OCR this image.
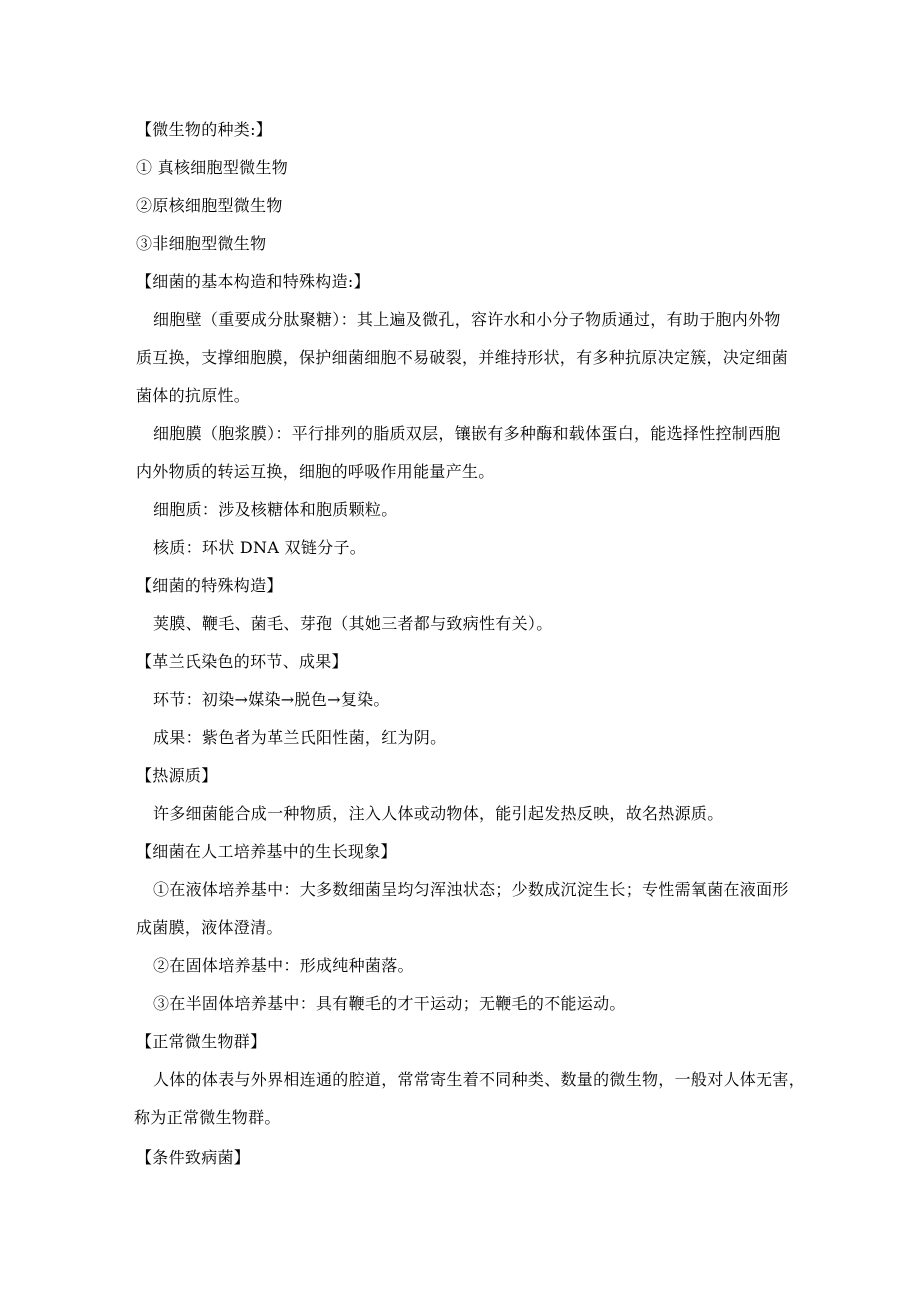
【微生物的种类:】

① 真核细胞型微生物

②原核细胞型微生物

③非细胞型微生物

【细菌的基本构造和特殊构造:】

细胞壁（重要成分肽聚糖）：其上遍及微孔，容许水和小分子物质通过，有助于胞内外物

质互换，支撑细胞膜，保护细菌细胞不易破裂，并维持形状，有多种抗原决定簇，决定细菌

菌体的抗原性。

细胞膜（胞浆膜）：平行排列的脂质双层，镶嵌有多种酶和载体蛋白，能选择性控制西胞

内外物质的转运互换，细胞的呼吸作用能量产生。

细胞质：涉及核糖体和胞质颗粒。

核质：环状 DNA 双链分子。

【细菌的特殊构造】

荚膜、鞭毛、菌毛、芽孢（其她三者都与致病性有关）。

【革兰氏染色的环节、成果】

环节：初染→媒染→脱色→复染。

成果：紫色者为革兰氏阳性菌，红为阴。

【热源质】

许多细菌能合成一种物质，注入人体或动物体，能引起发热反映，故名热源质。

【细菌在人工培养基中的生长现象】

①在液体培养基中：大多数细菌呈均匀浑浊状态；少数成沉淀生长；专性需氧菌在液面形

成菌膜，液体澄清。

②在固体培养基中：形成纯种菌落。

③在半固体培养基中：具有鞭毛的才干运动；无鞭毛的不能运动。

【正常微生物群】

人体的体表与外界相连通的腔道，常常寄生着不同种类、数量的微生物，一般对人体无害，

称为正常微生物群。

【条件致病菌】
